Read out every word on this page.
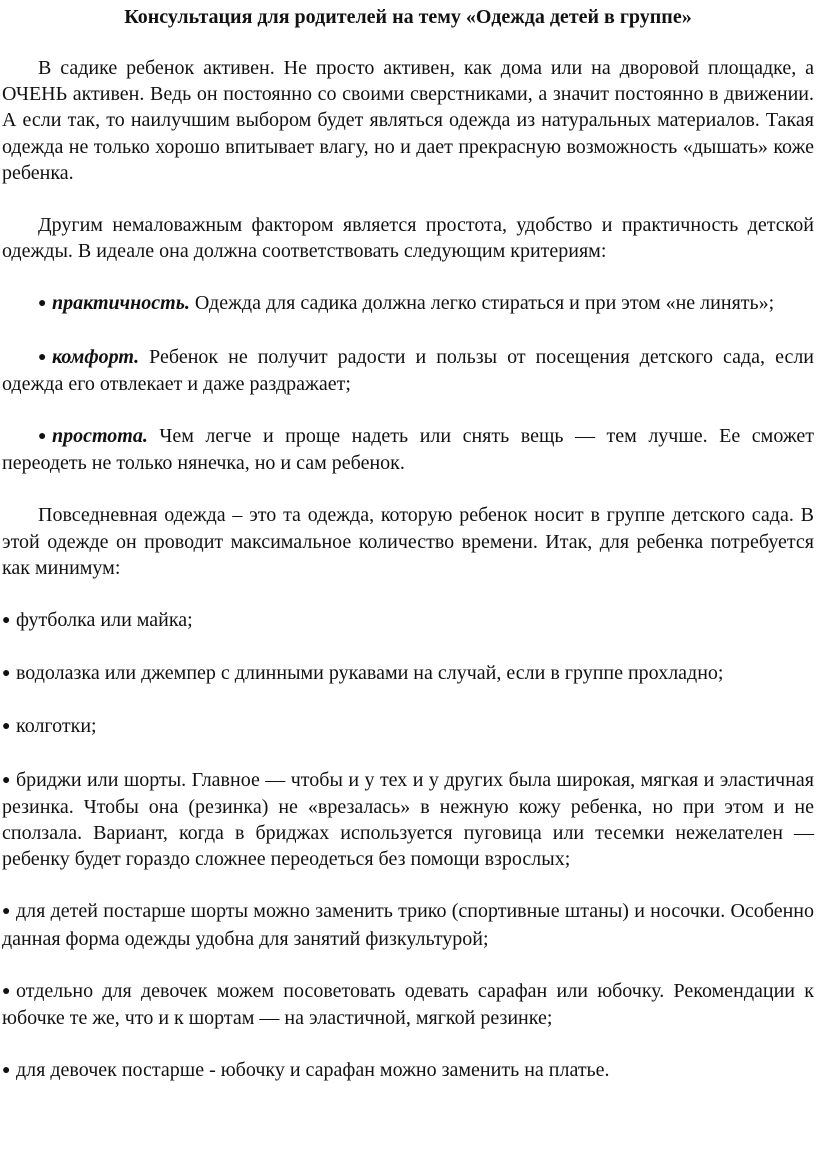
Консультация для родителей на тему «Одежда детей в группе»

В садике ребенок активен. Не просто активен, как дома или на дворовой площадке, а ОЧЕНЬ активен. Ведь он постоянно со своими сверстниками, а значит постоянно в движении. А если так, то наилучшим выбором будет являться одежда из натуральных материалов. Такая одежда не только хорошо впитывает влагу, но и дает прекрасную возможность «дышать» коже ребенка.

Другим немаловажным фактором является простота, удобство и практичность детской одежды. В идеале она должна соответствовать следующим критериям:

● практичность. Одежда для садика должна легко стираться и при этом «не линять»;

● комфорт. Ребенок не получит радости и пользы от посещения детского сада, если одежда его отвлекает и даже раздражает;

● простота. Чем легче и проще надеть или снять вещь — тем лучше. Ее сможет переодеть не только нянечка, но и сам ребенок.

Повседневная одежда – это та одежда, которую ребенок носит в группе детского сада. В этой одежде он проводит максимальное количество времени. Итак, для ребенка потребуется как минимум:

● футболка или майка;

● водолазка или джемпер с длинными рукавами на случай, если в группе прохладно;

● колготки;

● бриджи или шорты. Главное — чтобы и у тех и у других была широкая, мягкая и эластичная резинка. Чтобы она (резинка) не «врезалась» в нежную кожу ребенка, но при этом и не сползала. Вариант, когда в бриджах используется пуговица или тесемки нежелателен — ребенку будет гораздо сложнее переодеться без помощи взрослых;

● для детей постарше шорты можно заменить трико (спортивные штаны) и носочки. Особенно данная форма одежды удобна для занятий физкультурой;

● отдельно для девочек можем посоветовать одевать сарафан или юбочку. Рекомендации к юбочке те же, что и к шортам — на эластичной, мягкой резинке;

● для девочек постарше - юбочку и сарафан можно заменить на платье.
